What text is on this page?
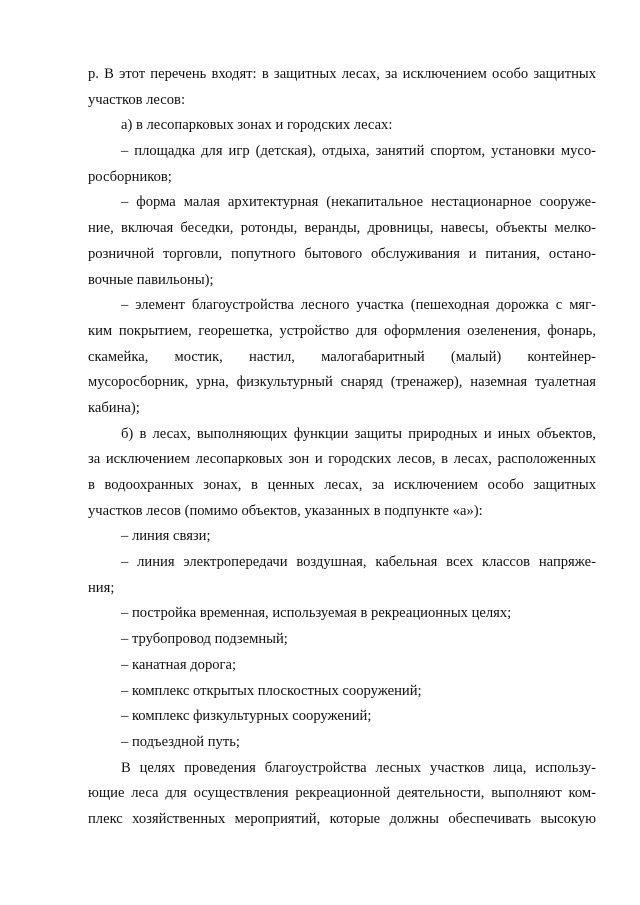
р. В этот перечень входят: в защитных лесах, за исключением особо защитных
участков лесов:
а) в лесопарковых зонах и городских лесах:
– площадка для игр (детская), отдыха, занятий спортом, установки мусо-
росборников;
– форма малая архитектурная (некапитальное нестационарное сооруже-
ние, включая беседки, ротонды, веранды, дровницы, навесы, объекты мелко-
розничной торговли, попутного бытового обслуживания и питания, остано-
вочные павильоны);
– элемент благоустройства лесного участка (пешеходная дорожка с мяг-
ким покрытием, георешетка, устройство для оформления озеленения, фонарь,
скамейка, мостик, настил, малогабаритный (малый) контейнер-
мусоросборник, урна, физкультурный снаряд (тренажер), наземная туалетная
кабина);
б) в лесах, выполняющих функции защиты природных и иных объектов,
за исключением лесопарковых зон и городских лесов, в лесах, расположенных
в водоохранных зонах, в ценных лесах, за исключением особо защитных
участков лесов (помимо объектов, указанных в подпункте «а»):
– линия связи;
– линия электропередачи воздушная, кабельная всех классов напряже-
ния;
– постройка временная, используемая в рекреационных целях;
– трубопровод подземный;
– канатная дорога;
– комплекс открытых плоскостных сооружений;
– комплекс физкультурных сооружений;
– подъездной путь;
В целях проведения благоустройства лесных участков лица, использу-
ющие леса для осуществления рекреационной деятельности, выполняют ком-
плекс хозяйственных мероприятий, которые должны обеспечивать высокую
